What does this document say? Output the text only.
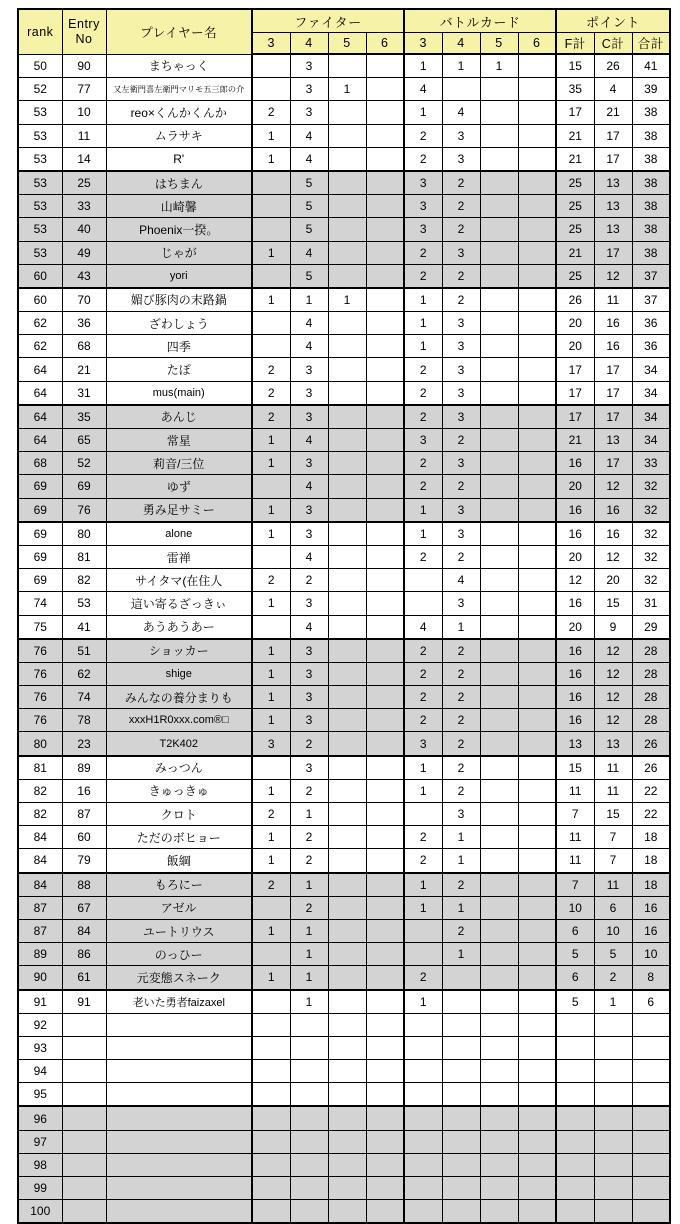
rank	Entry
No	プレイヤー名	ファイター				バトルカード				ポイント		
			3	4	5	6	3	4	5	6	F計	C計	合計
50	90	まちゃっく		3			1	1	1		15	26	41
52	77	又左衛門喜左衛門マリモ五三郎の介		3	1		4				35	4	39
53	10	reo×くんかくんか	2	3			1	4			17	21	38
53	11	ムラサキ	1	4			2	3			21	17	38
53	14	R'	1	4			2	3			21	17	38
53	25	はちまん		5			3	2			25	13	38
53	33	山崎馨		5			3	2			25	13	38
53	40	Phoenix一揆。		5			3	2			25	13	38
53	49	じゃが	1	4			2	3			21	17	38
60	43	yori		5			2	2			25	12	37
60	70	媚び豚肉の末路鍋	1	1	1		1	2			26	11	37
62	36	ざわしょう		4			1	3			20	16	36
62	68	四季		4			1	3			20	16	36
64	21	たぽ	2	3			2	3			17	17	34
64	31	mus(main)	2	3			2	3			17	17	34
64	35	あんじ	2	3			2	3			17	17	34
64	65	常星	1	4			3	2			21	13	34
68	52	莉音/三位	1	3			2	3			16	17	33
69	69	ゆず		4			2	2			20	12	32
69	76	勇み足サミー	1	3			1	3			16	16	32
69	80	alone	1	3			1	3			16	16	32
69	81	雷禅		4			2	2			20	12	32
69	82	サイタマ(在住人	2	2				4			12	20	32
74	53	這い寄るざっきぃ	1	3				3			16	15	31
75	41	あうあうあー		4			4	1			20	9	29
76	51	ショッカー	1	3			2	2			16	12	28
76	62	shige	1	3			2	2			16	12	28
76	74	みんなの養分まりも	1	3			2	2			16	12	28
76	78	xxxH1R0xxx.com®□	1	3			2	2			16	12	28
80	23	T2K402	3	2			3	2			13	13	26
81	89	みっつん		3			1	2			15	11	26
82	16	きゅっきゅ	1	2			1	2			11	11	22
82	87	クロト	2	1				3			7	15	22
84	60	ただのボヒョー	1	2			2	1			11	7	18
84	79	飯綱	1	2			2	1			11	7	18
84	88	もろにー	2	1			1	2			7	11	18
87	67	アゼル		2			1	1			10	6	16
87	84	ユートリウス	1	1				2			6	10	16
89	86	のっひー		1				1			5	5	10
90	61	元変態スネーク	1	1			2				6	2	8
91	91	老いた勇者faizaxel		1			1				5	1	6
92													
93													
94													
95													
96													
97													
98													
99													
100													
